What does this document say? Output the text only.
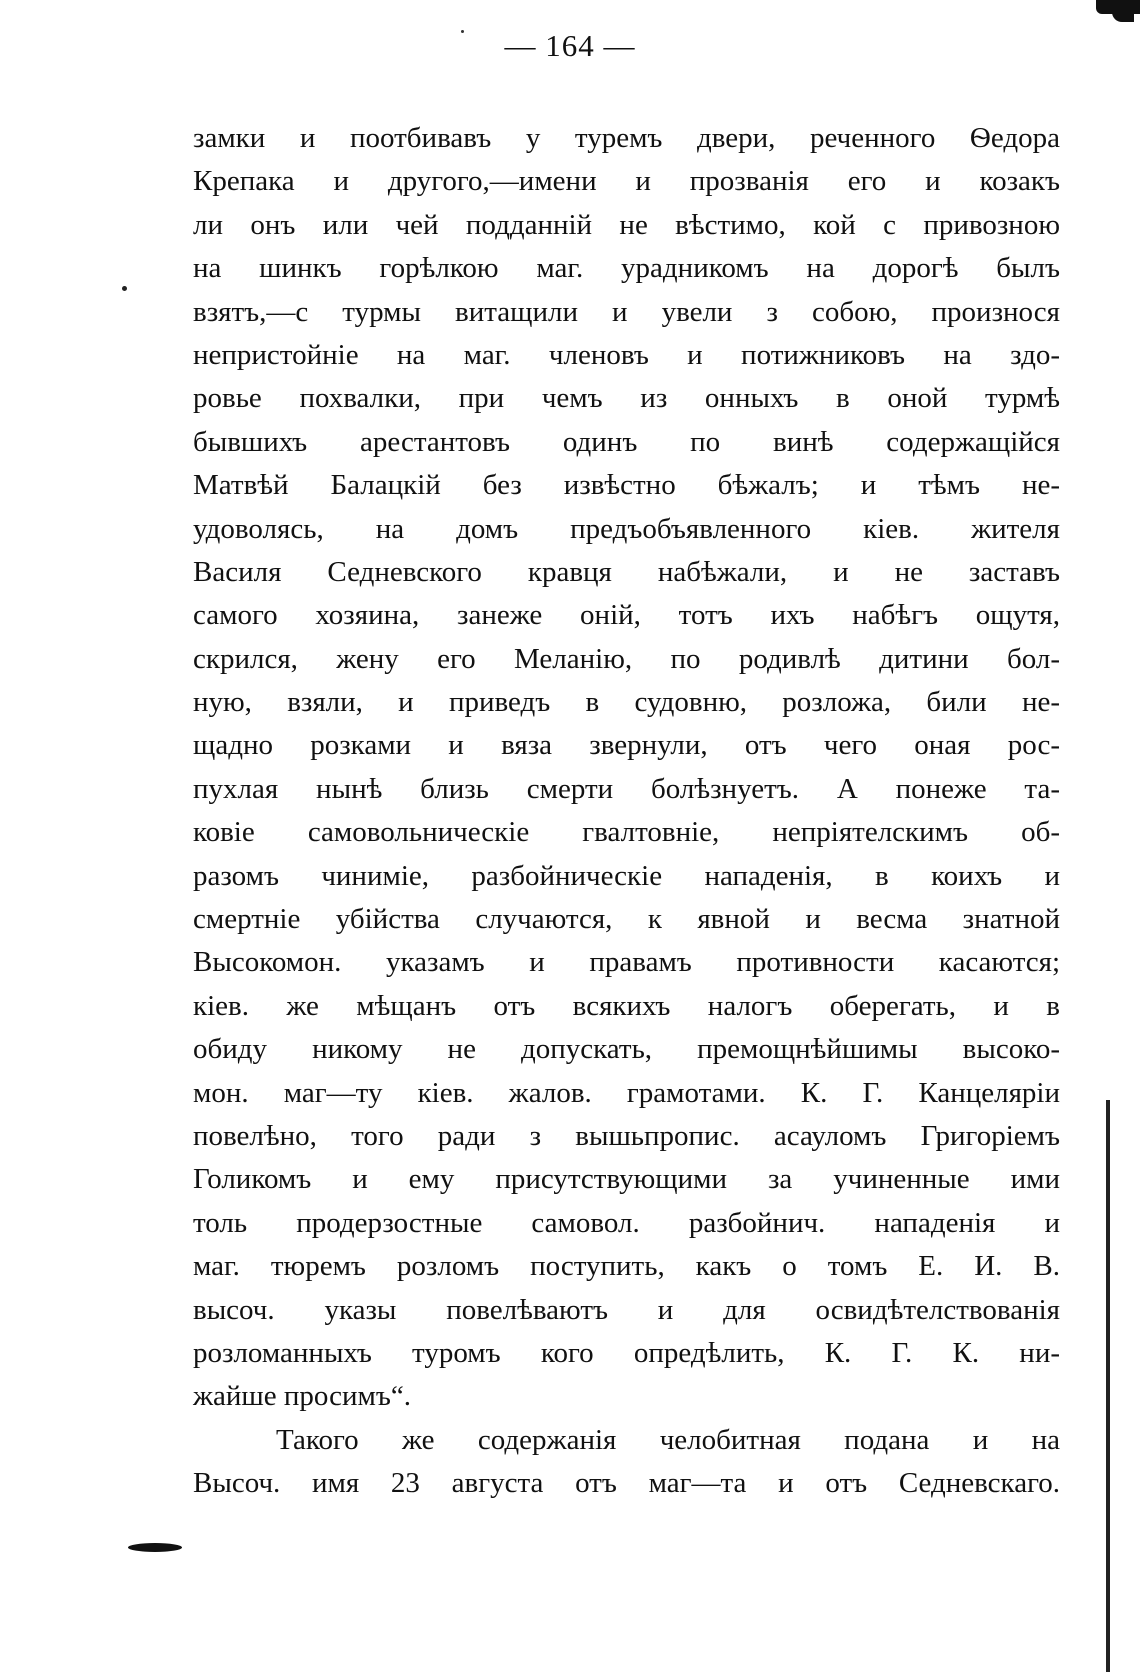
— 164 —
замки и поотбивавъ у туремъ двери, реченного Ѳедора
Крепака и другого,—имени и прозванія его и козакъ
ли онъ или чей подданній не вѣстимо, кой с привозною
на шинкъ горѣлкою маг. урадникомъ на дорогѣ былъ
взятъ,—с турмы витащили и увели з собою, произнося
непристойніе на маг. членовъ и потижниковъ на здо-
ровье похвалки, при чемъ из онныхъ в оной турмѣ
бывшихъ арестантовъ одинъ по винѣ содержащійся
Матвѣй Балацкій без извѣстно бѣжалъ; и тѣмъ не-
удоволясь, на домъ предъобъявленного кіев. жителя
Василя Седневского кравця набѣжали, и не заставъ
самого хозяина, занеже оній, тотъ ихъ набѣгъ ощутя,
скрился, жену его Меланію, по родивлѣ дитини бол-
ную, взяли, и приведъ в судовню, розложа, били не-
щадно розками и вяза звернули, отъ чего оная рос-
пухлая нынѣ близь смерти болѣзнуетъ. А понеже та-
ковіе самовольническіе гвалтовніе, непріятелскимъ об-
разомъ чиниміе, разбойническіе нападенія, в коихъ и
смертніе убійства случаются, к явной и весма знатной
Высокомон. указамъ и правамъ противности касаются;
кіев. же мѣщанъ отъ всякихъ налогъ оберегать, и в
обиду никому не допускать, премощнѣйшимы высоко-
мон. маг—ту кіев. жалов. грамотами. К. Г. Канцеляріи
повелѣно, того ради з вышьпропис. асауломъ Григоріемъ
Голикомъ и ему присутствующими за учиненные ими
толь продерзостные самовол. разбойнич. нападенія и
маг. тюремъ розломъ поступить, какъ о томъ Е. И. В.
высоч. указы повелѣваютъ и для освидѣтелствованія
розломанныхъ туромъ кого опредѣлить, К. Г. К. ни-
жайше просимъ“.
Такого же содержанія челобитная подана и на
Высоч. имя 23 августа отъ маг—та и отъ Седневскаго.
